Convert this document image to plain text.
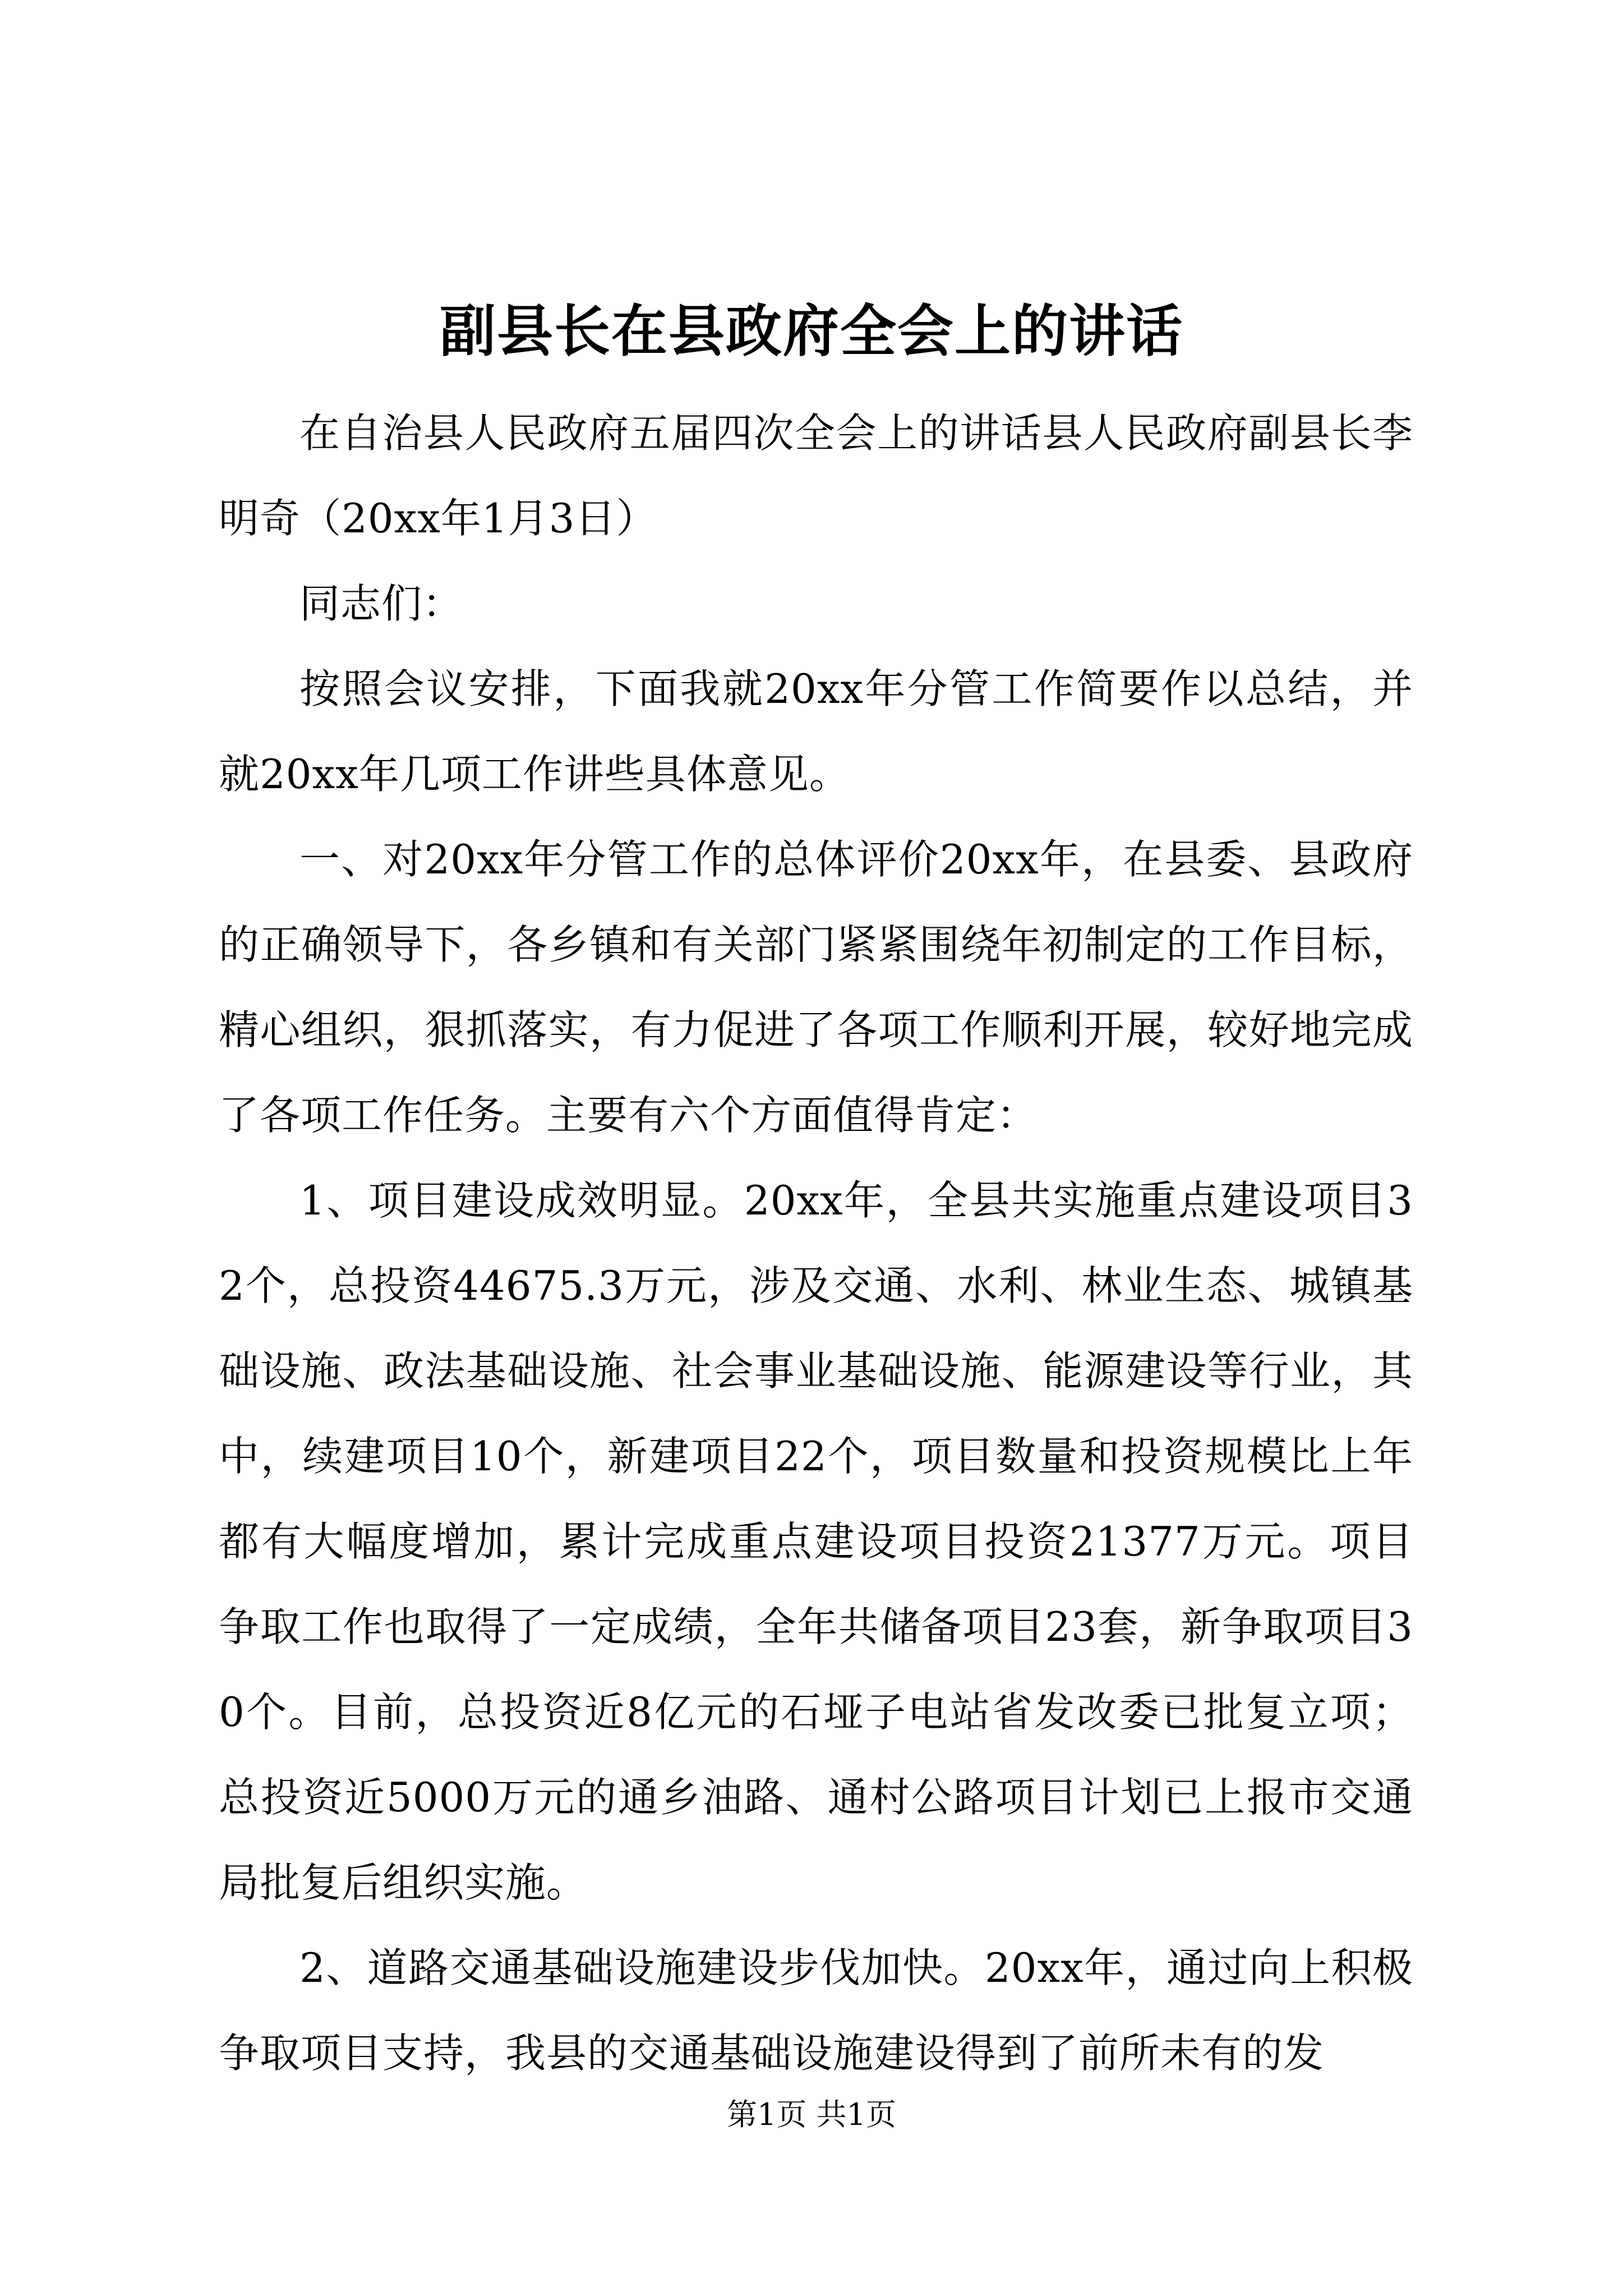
副县长在县政府全会上的讲话

在自治县人民政府五届四次全会上的讲话县人民政府副县长李明奇（20xx年1月3日）

同志们：

按照会议安排，下面我就20xx年分管工作简要作以总结，并就20xx年几项工作讲些具体意见。

一、对20xx年分管工作的总体评价20xx年，在县委、县政府的正确领导下，各乡镇和有关部门紧紧围绕年初制定的工作目标，精心组织，狠抓落实，有力促进了各项工作顺利开展，较好地完成了各项工作任务。主要有六个方面值得肯定：

1、项目建设成效明显。20xx年，全县共实施重点建设项目32个，总投资44675.3万元，涉及交通、水利、林业生态、城镇基础设施、政法基础设施、社会事业基础设施、能源建设等行业，其中，续建项目10个，新建项目22个，项目数量和投资规模比上年都有大幅度增加，累计完成重点建设项目投资21377万元。项目争取工作也取得了一定成绩，全年共储备项目23套，新争取项目30个。目前，总投资近8亿元的石垭子电站省发改委已批复立项；总投资近5000万元的通乡油路、通村公路项目计划已上报市交通局批复后组织实施。

2、道路交通基础设施建设步伐加快。20xx年，通过向上积极争取项目支持，我县的交通基础设施建设得到了前所未有的发

第1页 共1页
